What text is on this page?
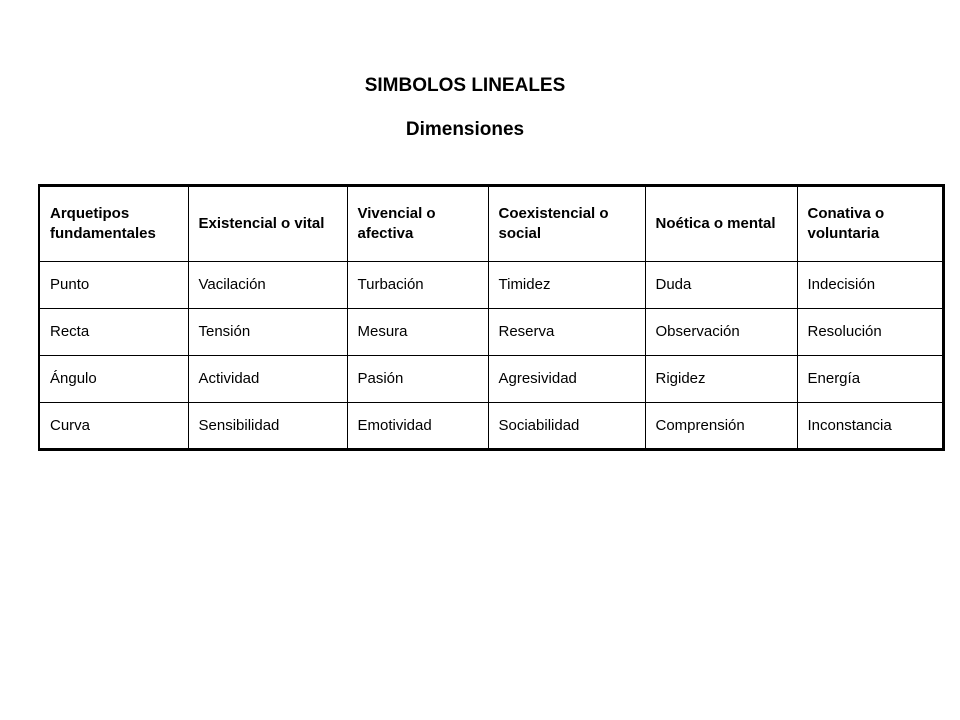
SIMBOLOS LINEALES
Dimensiones
Arquetipos fundamentales	Existencial o vital	Vivencial o afectiva	Coexistencial o social	Noética o mental	Conativa o voluntaria
Punto	Vacilación	Turbación	Timidez	Duda	Indecisión
Recta	Tensión	Mesura	Reserva	Observación	Resolución
Ángulo	Actividad	Pasión	Agresividad	Rigidez	Energía
Curva	Sensibilidad	Emotividad	Sociabilidad	Comprensión	Inconstancia
